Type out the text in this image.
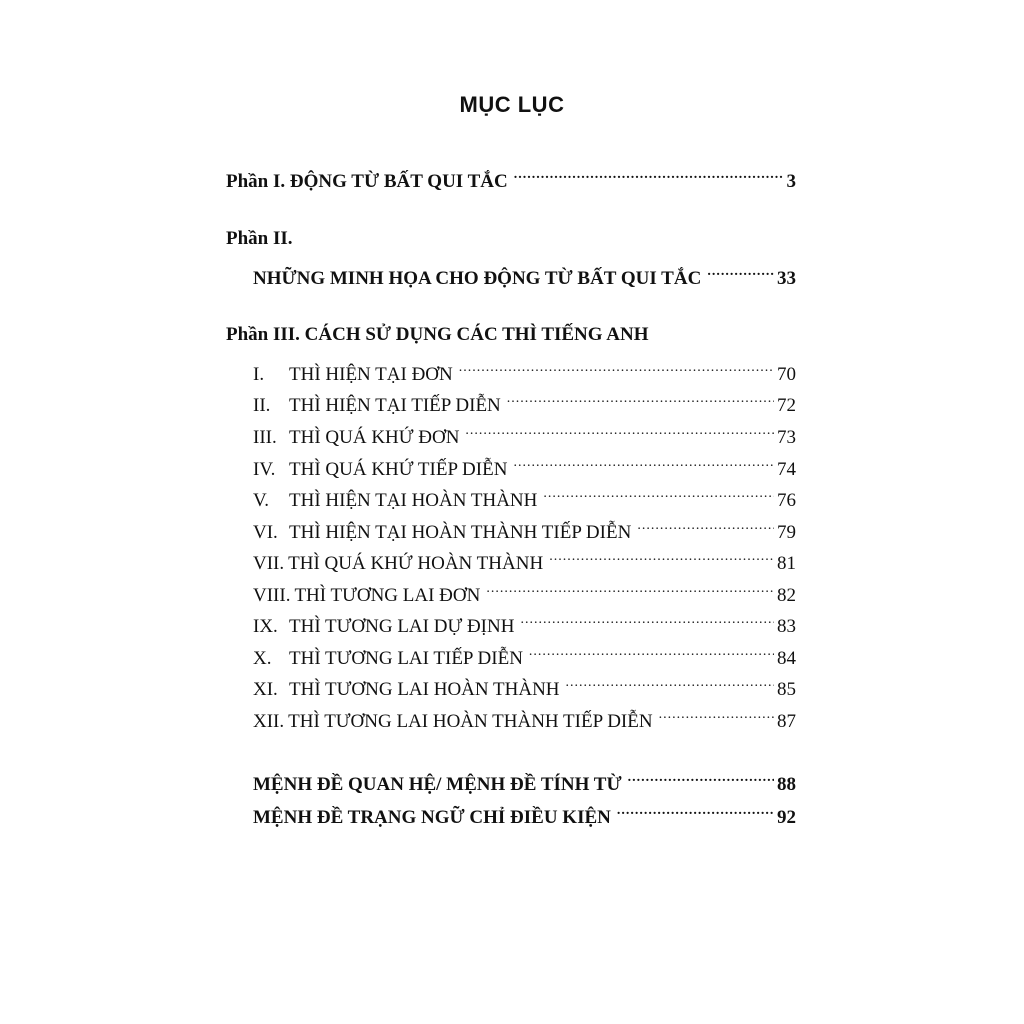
MỤC LỤC
Phần I. ĐỘNG TỪ BẤT QUI TẮC .....	3
Phần II.
NHỮNG MINH HỌA CHO ĐỘNG TỪ BẤT QUI TẮC .....	33
Phần III. CÁCH SỬ DỤNG CÁC THÌ TIẾNG ANH
I.	THÌ HIỆN TẠI ĐƠN .....	70
II. THÌ HIỆN TẠI TIẾP DIỄN .....	72
III. THÌ QUÁ KHỨ ĐƠN .....	73
IV. THÌ QUÁ KHỨ TIẾP DIỄN .....	74
V.	THÌ HIỆN TẠI HOÀN THÀNH .....	76
VI. THÌ HIỆN TẠI HOÀN THÀNH TIẾP DIỄN .....	79
VII. THÌ QUÁ KHỨ HOÀN THÀNH .....	81
VIII. THÌ TƯƠNG LAI ĐƠN .....	82
IX. THÌ TƯƠNG LAI DỰ ĐỊNH .....	83
X. THÌ TƯƠNG LAI TIẾP DIỄN .....	84
XI. THÌ TƯƠNG LAI HOÀN THÀNH .....	85
XII. THÌ TƯƠNG LAI HOÀN THÀNH TIẾP DIỄN .....	87
MỆNH ĐỀ QUAN HỆ/ MỆNH ĐỀ TÍNH TỪ .....	88
MỆNH ĐỀ TRẠNG NGỮ CHỈ ĐIỀU KIỆN .....	92
